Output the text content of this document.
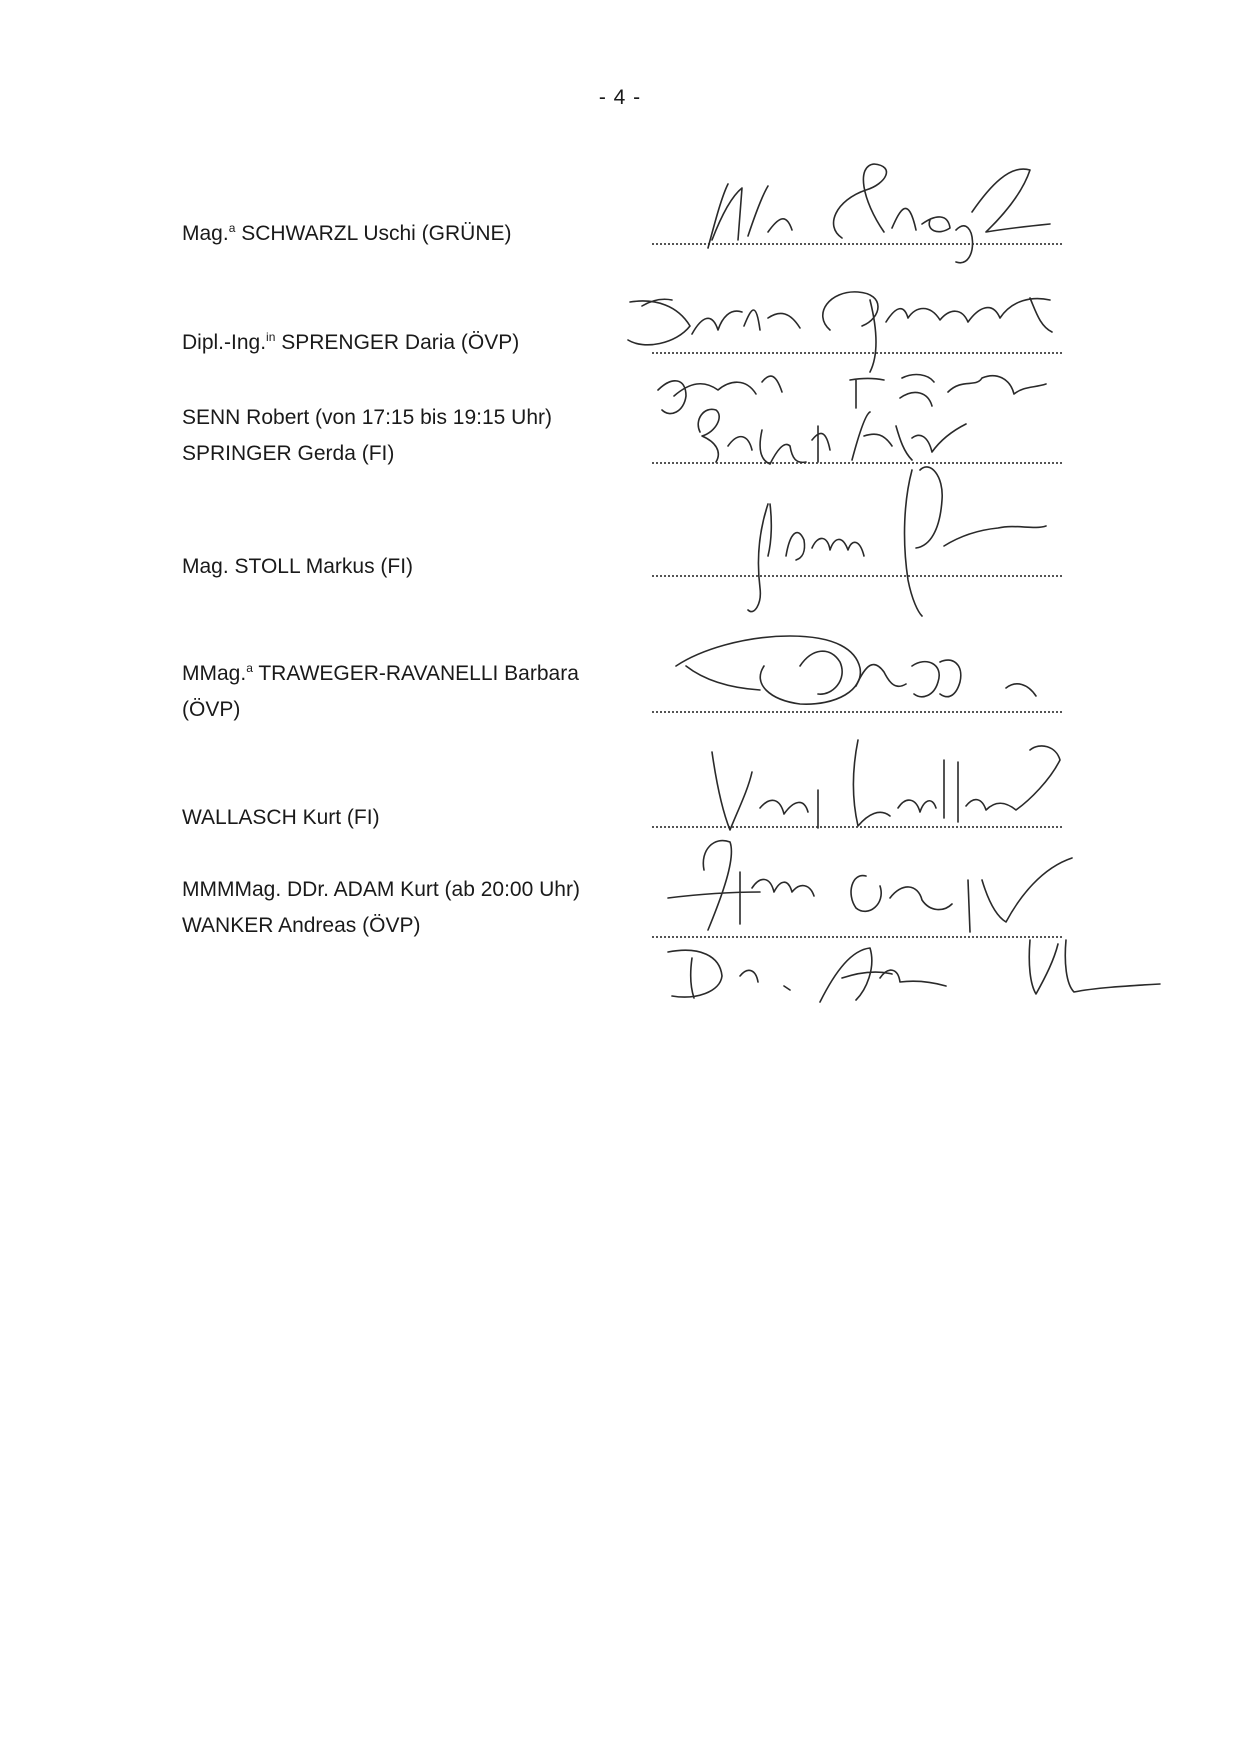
- 4 -
Mag.$^a$ SCHWARZL Uschi (GRÜNE)
Dipl.-Ing.$^{in}$ SPRENGER Daria (ÖVP)
SENN Robert (von 17:15 bis 19:15 Uhr)
SPRINGER Gerda (FI)
Mag. STOLL Markus (FI)
MMag.$^a$ TRAWEGER-RAVANELLI Barbara (ÖVP)
WALLASCH Kurt (FI)
MMMMag. DDr. ADAM Kurt (ab 20:00 Uhr)
WANKER Andreas (ÖVP)
